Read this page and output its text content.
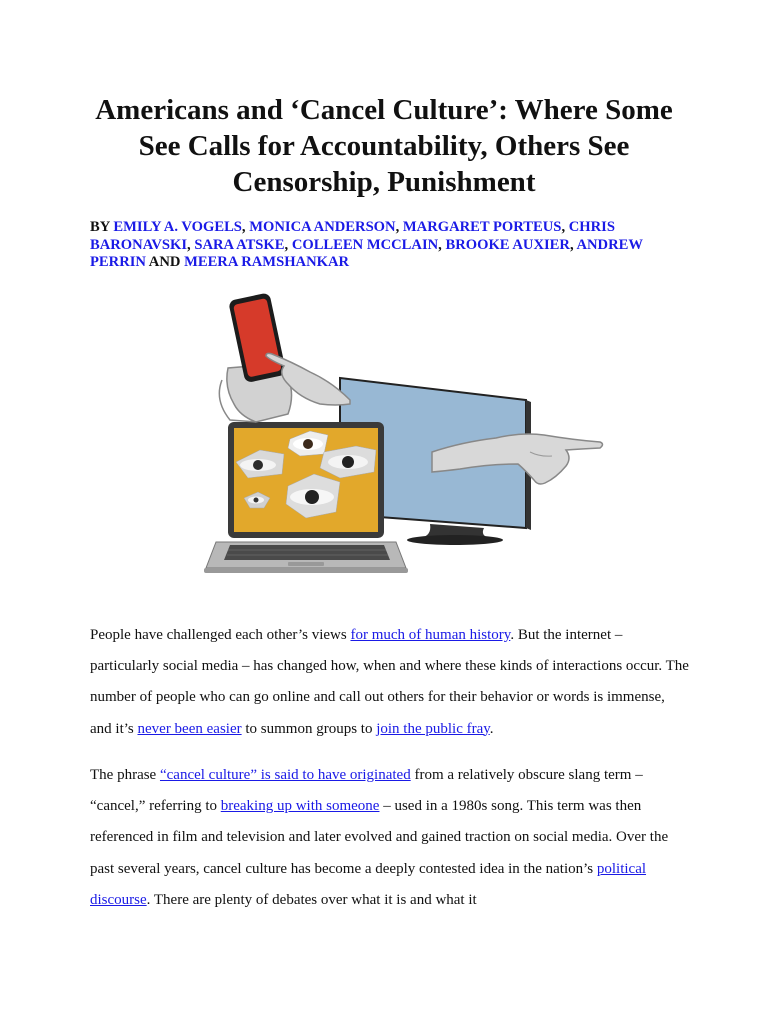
Americans and ‘Cancel Culture’: Where Some See Calls for Accountability, Others See Censorship, Punishment
BY EMILY A. VOGELS, MONICA ANDERSON, MARGARET PORTEUS, CHRIS BARONAVSKI, SARA ATSKE, COLLEEN MCCLAIN, BROOKE AUXIER, ANDREW PERRIN AND MEERA RAMSHANKAR

People have challenged each other’s views for much of human history. But the internet – particularly social media – has changed how, when and where these kinds of interactions occur. The number of people who can go online and call out others for their behavior or words is immense, and it’s never been easier to summon groups to join the public fray.

The phrase “cancel culture” is said to have originated from a relatively obscure slang term – “cancel,” referring to breaking up with someone – used in a 1980s song. This term was then referenced in film and television and later evolved and gained traction on social media. Over the past several years, cancel culture has become a deeply contested idea in the nation’s political discourse. There are plenty of debates over what it is and what it
